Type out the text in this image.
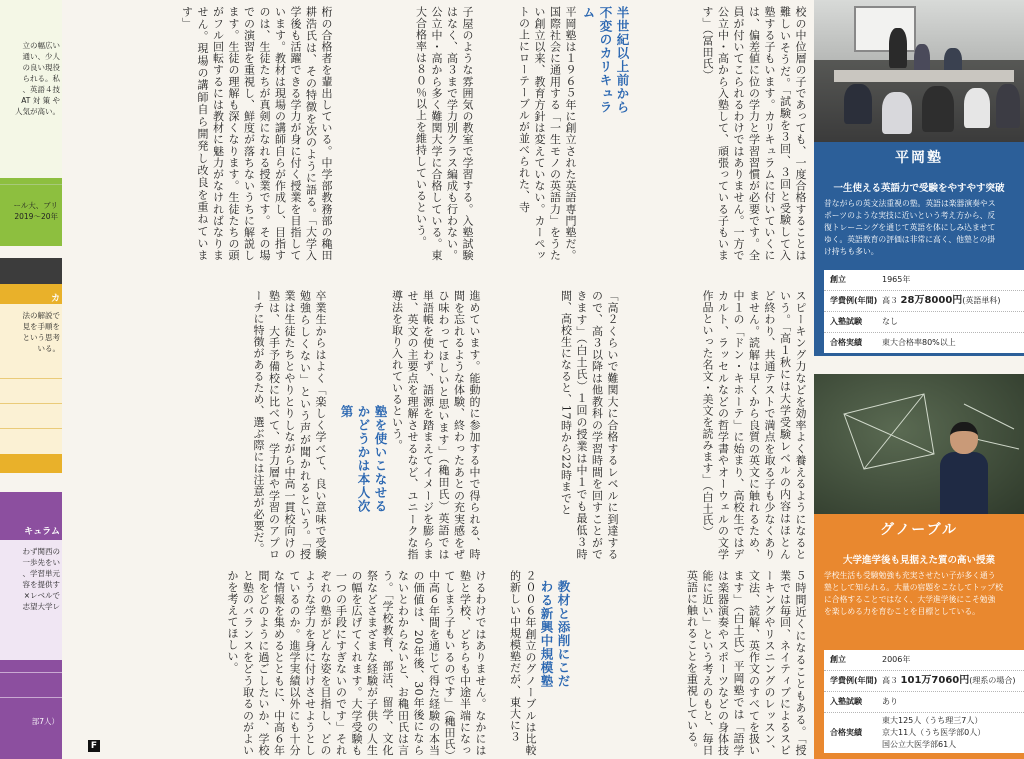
立の幅広い

通い、少人

の良い現役

られる。私

、英語４技

AT 対 策 や

人気が高い。

ール大、ブリ
2019〜20年
カ

法の解説で

見を手順を

という思考

いる。

キュラム

わず関西の

一歩先をい

、学習単元

容を提供す

×レベルで

志望大学レ

部7人）
校の中位層の子であっても、一度合格することは難しいそうだ。「試験を３回、３回と受験して入塾する子もいます。カリキュラムに付いていくには、偏差値に位の学力と学習習慣が必要です。全員が付いてこられるわけではありません。一方で公立中・高から入塾して、頑張っている子もいます」（冨田氏）
半世紀以上前から不変のカリキュラム
平岡塾は１９６５年に創立された英語専門塾だ。国際社会に通用する「一生モノの英語力」をうたい創立以来、教育方針は変えていない。カーペットの上にローテーブルが並べられた、寺
子屋のような雰囲気の教室で学習する。入塾試験はなく、高３まで学力別クラス編成も行わない。公立中・高から多く難関大学に合格している。東大合格率は８０％以上を維持しているという。
桁の合格者を輩出している。中学部教務部の穐田耕浩氏は、その特徴を次のように語る。「大学入学後も活躍できる学力が身に付く授業を目指しています。教材は現場の講師自らが作成し、目指すのは、生徒たちが真剣になれる授業です。その場での演習を重視し、鮮度が落ちないうちに解説します。生徒の理解も深くなります。生徒たちの頭がフル回転するには教材に魅力がなければなりません。現場の講師自ら開発し改良を重ねています」
スピーキング力などを効率よく養えるようになるという。「高１秋には大学受験レベルの内容はほとんど終わり、共通テストで満点を取る子も少なくありません。読解は早くから良質の英文に触れるため、中１の「ドン・キホーテ」に始まり、高校生ではデカルト、ラッセルなどの哲学書やオーウェルの文学作品といった名文・美文を読みます」（白土氏）
「高２くらいで難関大に合格するレベルに到達するので、高３以降は他教科の学習時間を回すことができます」（白土氏）１回の授業は中１でも最低３時間、高校生になると、17時から22時までと
進めています。能動的に参加する中で得られる、時間を忘れるような体験、終わったあとの充実感をぜひ味わってほしいと思います」（穐田氏）英語では単語帳を使わず、語源を踏まえてイメージを膨らませ、英文の主要点を理解させるなど、ユニークな指導法を取り入れているという。
塾を使いこなせるかどうかは本人次第
卒業生からはよく「楽しく学べて、良い意味で受験勉強らしくない」という声が聞かれるという。「授業は生徒たちとやりとりしながら中高一貫校向けの塾は、大手予備校に比べて、学力層や学習のアプローチに特徴があるため、選ぶ際には注意が必要だ。
５時間近くになることもある。「授業では毎回、ネイティブによるスピーキングやリスニングのレッスン、文法、読解、英作文のすべてを扱います」（白土氏）平岡塾では「語学は楽器演奏やスポーツなどの身体技能に近い」という考えのもと、毎日英語に触れることを重視している。
２００６年創立のグノーブルは比較的新しい中規模塾だが、東大に３	教材と添削にこだわる新興中規模塾
けるわけではありません。なかには塾と学校、どちらも中途半端になってしまう子もいるのです」（穐田氏）中高６年間を通じて得た経験の本当の価値は、20年後、30年後にならないとわからないと、お穐田氏は言う。「学校教育、部活、留学、文化祭などさまざまな経験が子供の人生の幅を広げてくれます。大学受験も一つの手段にすぎないのです」それぞれの塾がどんな姿を目指し、どのような学力を身に付けさせようとしているのか。進学実績以外にも十分な情報を集めるとともに、中高６年間をどのように過ごしたいか、学校と塾のバランスをどう取るのがよいかを考えてほしい。
F
平岡塾
一生使える英語力で受験をやすやす突破
昔ながらの英文法重視の塾。英語は楽器演奏やス
ポーツのような実技に近いという考え方から、反
復トレーニングを通じて英語を体にしみ込ませて
ゆく。英語教育の評価は非常に高く、他塾との掛
け持ちも多い。
創立	1965年
学費例(年間) 高３ 28万8000円(英語単科)
入塾試験	なし
合格実績	東大合格率80%以上
グノーブル
大学進学後も見据えた質の高い授業
学校生活も受験勉強も充実させたい子が多く通う
塾として知られる。大量の宿題をこなしてトップ校
に合格することではなく、大学進学後にこそ勉強
を楽しめる力を育むことを目標としている。
創立	2006年
学費例(年間) 高３ 101万7060円(理系の場合)
入塾試験	あり
合格実績
東大125人（うち理三7人）
京大11人（うち医学部0人）
国公立大医学部61人
